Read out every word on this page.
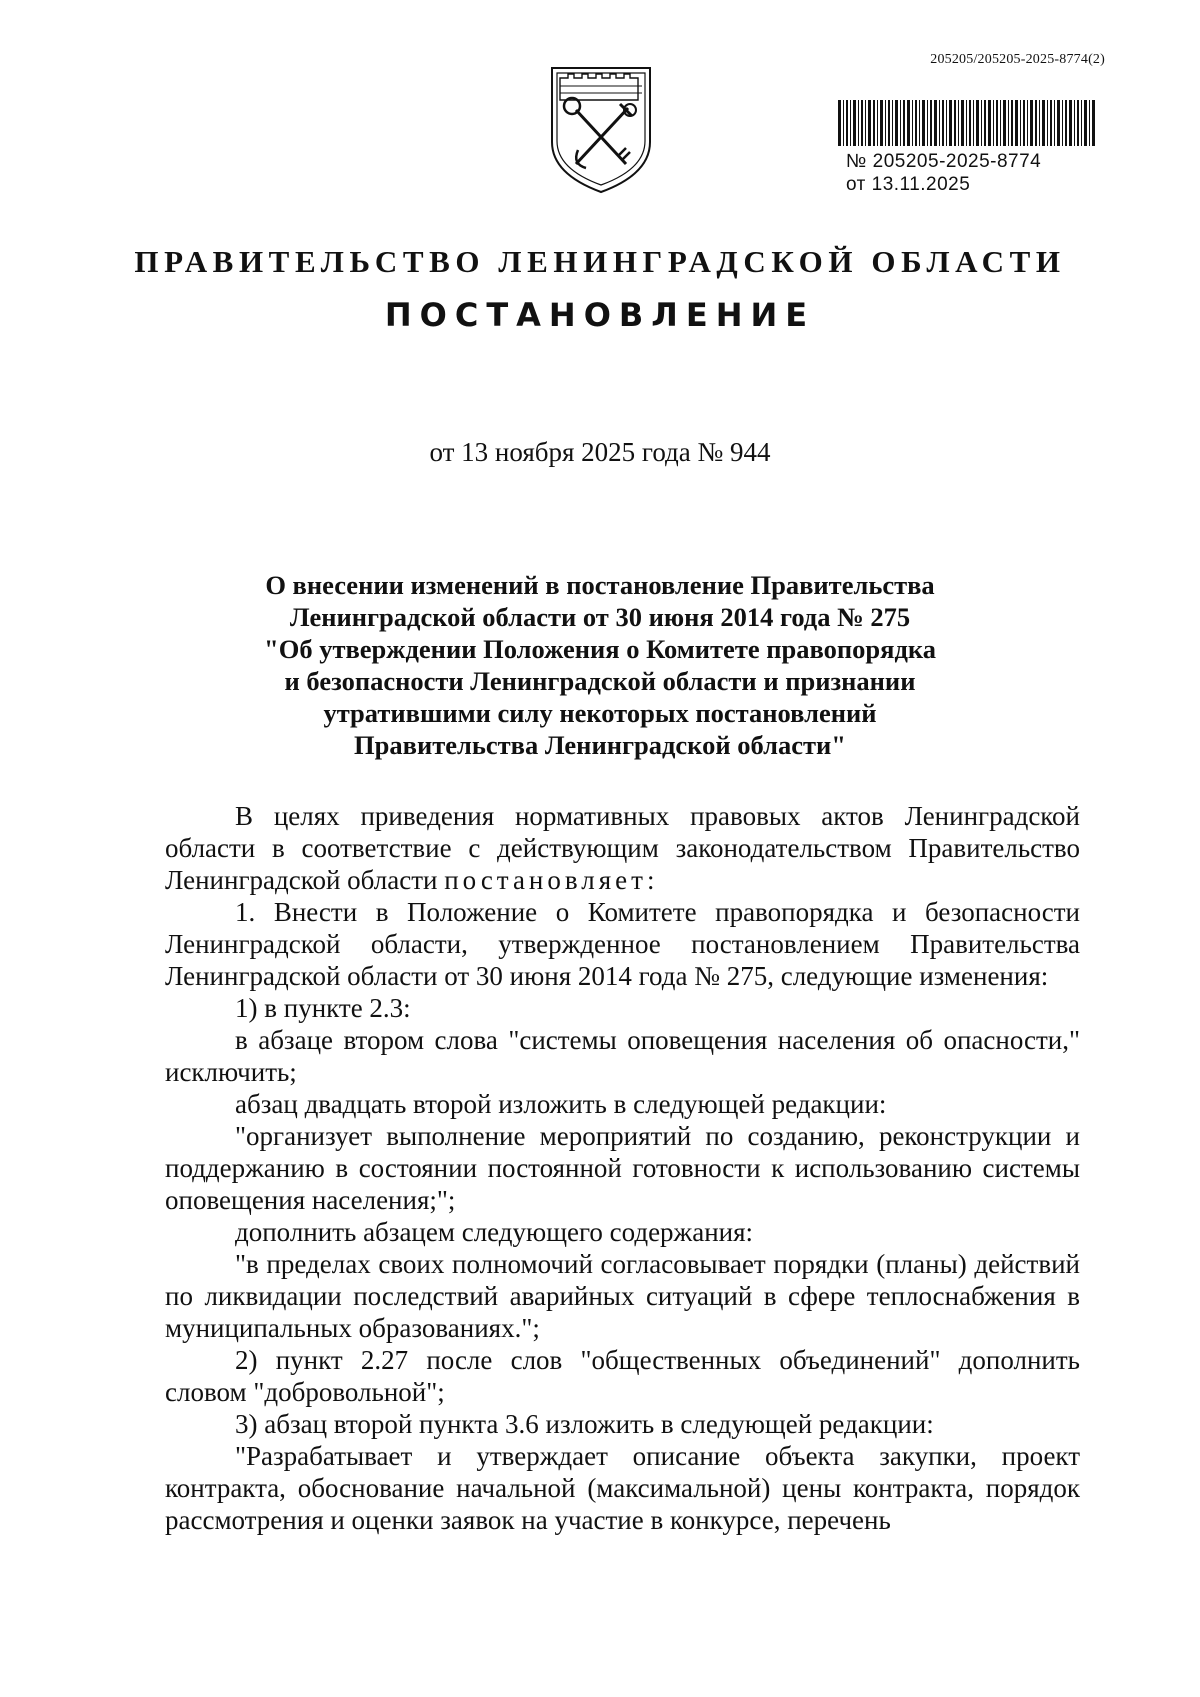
205205/205205-2025-8774(2)
№ 205205-2025-8774
от 13.11.2025
ПРАВИТЕЛЬСТВО ЛЕНИНГРАДСКОЙ ОБЛАСТИ
ПОСТАНОВЛЕНИЕ
от 13 ноября 2025 года № 944
О внесении изменений в постановление Правительства
Ленинградской области от 30 июня 2014 года № 275
"Об утверждении Положения о Комитете правопорядка
и безопасности Ленинградской области и признании
утратившими силу некоторых постановлений
Правительства Ленинградской области"

В целях приведения нормативных правовых актов Ленинградской области в соответствие с действующим законодательством Правительство Ленинградской области постановляет:

1. Внести в Положение о Комитете правопорядка и безопасности Ленинградской области, утвержденное постановлением Правительства Ленинградской области от 30 июня 2014 года № 275, следующие изменения:

1) в пункте 2.3:

в абзаце втором слова "системы оповещения населения об опасности," исключить;

абзац двадцать второй изложить в следующей редакции:

"организует выполнение мероприятий по созданию, реконструкции и поддержанию в состоянии постоянной готовности к использованию системы оповещения населения;";

дополнить абзацем следующего содержания:

"в пределах своих полномочий согласовывает порядки (планы) действий по ликвидации последствий аварийных ситуаций в сфере теплоснабжения в муниципальных образованиях.";

2) пункт 2.27 после слов "общественных объединений" дополнить словом "добровольной";

3) абзац второй пункта 3.6 изложить в следующей редакции:

"Разрабатывает и утверждает описание объекта закупки, проект контракта, обоснование начальной (максимальной) цены контракта, порядок рассмотрения и оценки заявок на участие в конкурсе, перечень
